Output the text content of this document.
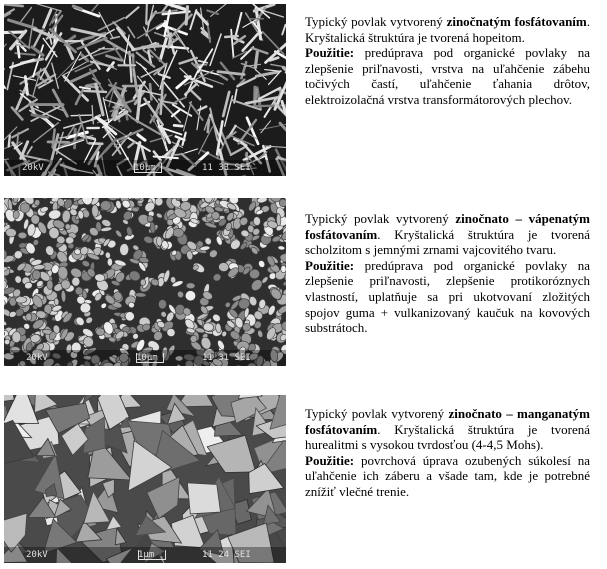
20kV	10µm	11 33 SEI

Typický povlak vytvorený zinočnatým fosfátovaním. Kryštalická štruktúra je tvorená hopeitom.

Použitie: predúprava pod organické povlaky na zlepšenie priľnavosti, vrstva na uľahčenie zábehu točivých častí, uľahčenie ťahania drôtov, elektroizolačná vrstva transformátorových plechov.

20kV	10µm	11 31 SEI

Typický povlak vytvorený zinočnato – vápenatým fosfátovaním. Kryštalická štruktúra je tvorená scholzitom s jemnými zrnami vajcovitého tvaru.

Použitie: predúprava pod organické povlaky na zlepšenie priľnavosti, zlepšenie protikoróznych vlastností, uplatňuje sa pri ukotvovaní zložitých spojov guma + vulkanizovaný kaučuk na kovových substrátoch.

20kV	1µm	11 24 SEI

Typický povlak vytvorený zinočnato – manganatým fosfátovaním. Kryštalická štruktúra je tvorená hurealitmi s vysokou tvrdosťou (4-4,5 Mohs).

Použitie: povrchová úprava ozubených súkolesí na uľahčenie ich záberu a všade tam, kde je potrebné znížiť vlečné trenie.
